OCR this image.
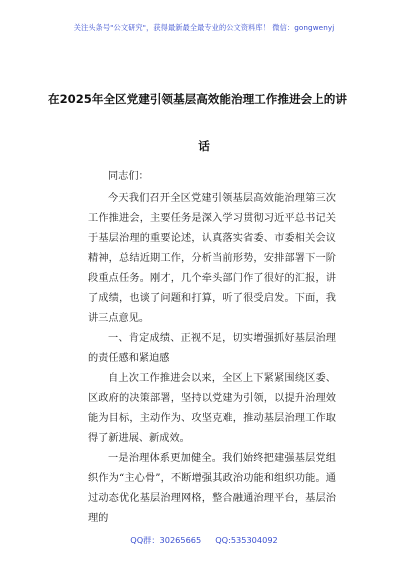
关注头条号"公文研究"，获得最新最全最专业的公文资料库！ 微信：gongwenyj
在2025年全区党建引领基层高效能治理工作推进会上的讲
话

同志们：

今天我们召开全区党建引领基层高效能治理第三次工作推进会，主要任务是深入学习贯彻习近平总书记关于基层治理的重要论述，认真落实省委、市委相关会议精神，总结近期工作，分析当前形势，安排部署下一阶段重点任务。刚才，几个牵头部门作了很好的汇报，讲了成绩，也谈了问题和打算，听了很受启发。下面，我讲三点意见。

一、肯定成绩、正视不足，切实增强抓好基层治理的责任感和紧迫感

自上次工作推进会以来，全区上下紧紧围绕区委、区政府的决策部署，坚持以党建为引领，以提升治理效能为目标，主动作为、攻坚克难，推动基层治理工作取得了新进展、新成效。

一是治理体系更加健全。我们始终把建强基层党组织作为“主心骨”，不断增强其政治功能和组织功能。通过动态优化基层治理网格，整合融通治理平台，基层治理的

QQ群：30265665 QQ:535304092
